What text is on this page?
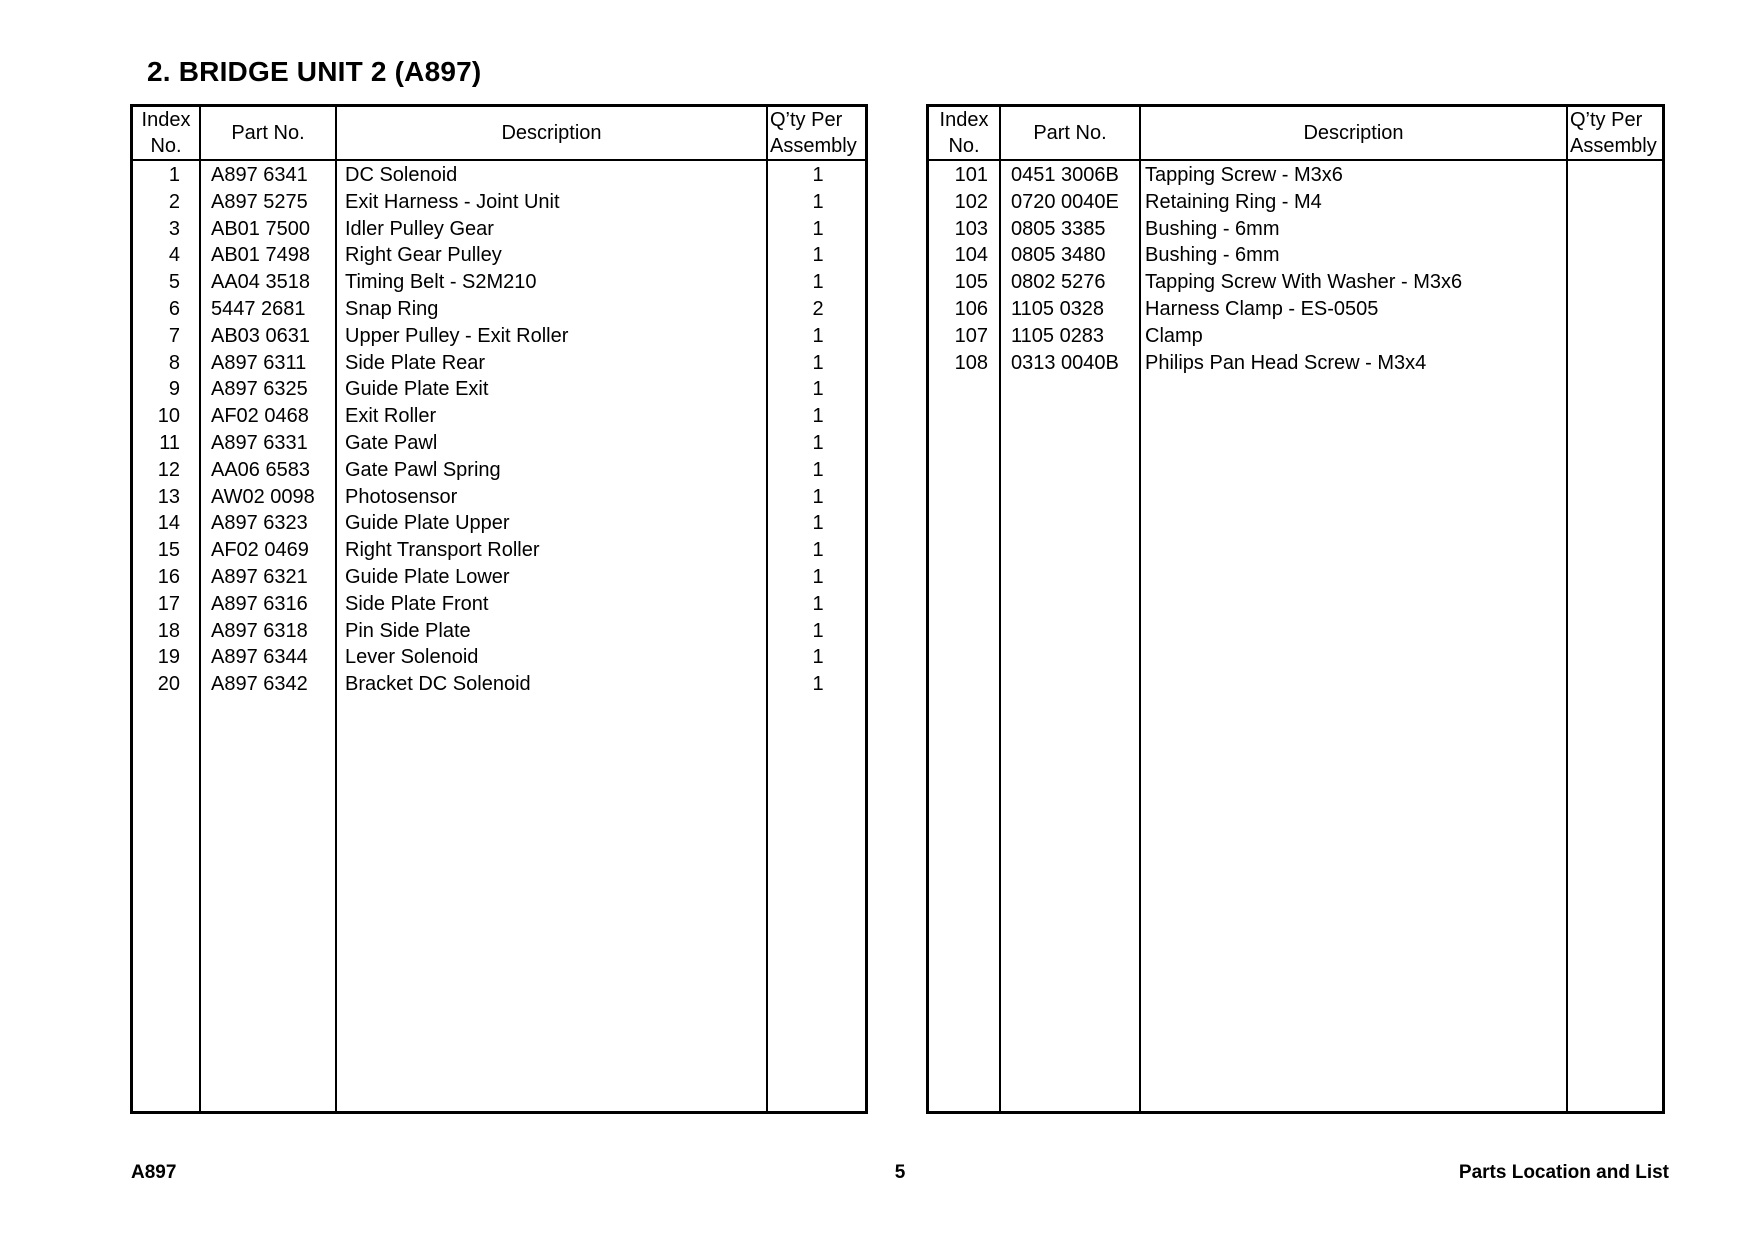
2. BRIDGE UNIT 2 (A897)
Index
No.
Part No.	Description
Q’ty Per
Assembly
1 A897 6341	DC Solenoid	1
2 A897 5275	Exit Harness - Joint Unit	1
3 AB01 7500	Idler Pulley Gear	1
4 AB01 7498	Right Gear Pulley	1
5 AA04 3518	Timing Belt - S2M210	1
6 5447 2681	Snap Ring	2
7 AB03 0631	Upper Pulley - Exit Roller	1
8 A897 6311	Side Plate Rear	1
9 A897 6325	Guide Plate Exit	1
10 AF02 0468	Exit Roller	1
11 A897 6331	Gate Pawl	1
12 AA06 6583	Gate Pawl Spring	1
13 AW02 0098	Photosensor	1
14 A897 6323	Guide Plate Upper	1
15 AF02 0469	Right Transport Roller	1
16 A897 6321	Guide Plate Lower	1
17 A897 6316	Side Plate Front	1
18 A897 6318	Pin Side Plate	1
19 A897 6344	Lever Solenoid	1
20 A897 6342	Bracket DC Solenoid	1
Index
No.
Part No.	Description
Q’ty Per
Assembly
101 0451 3006B	Tapping Screw - M3x6
102 0720 0040E	Retaining Ring - M4
103 0805 3385	Bushing - 6mm
104 0805 3480	Bushing - 6mm
105 0802 5276	Tapping Screw With Washer - M3x6
106 1105 0328	Harness Clamp - ES-0505
107 1105 0283	Clamp
108 0313 0040B	Philips Pan Head Screw - M3x4
A897	5	Parts Location and List
